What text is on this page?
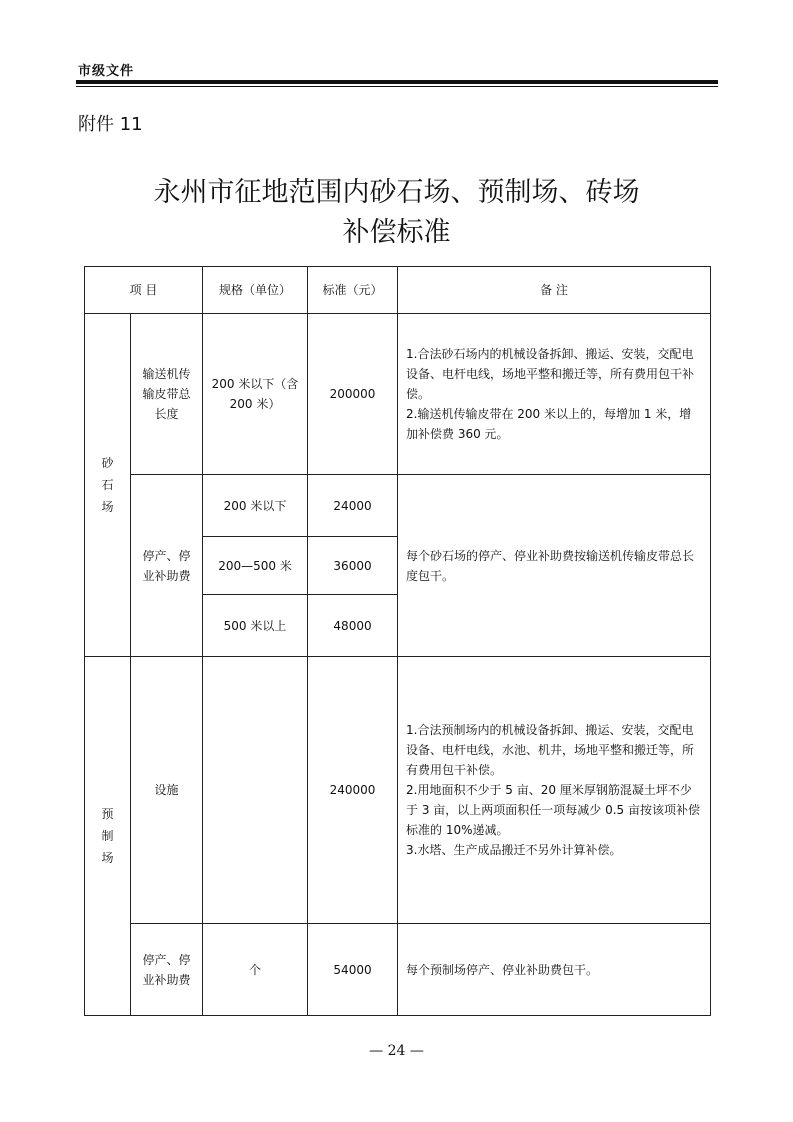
市级文件
附件 11
永州市征地范围内砂石场、预制场、砖场
补偿标准
项 目		规格（单位）	标准（元）	备 注
砂石场	输送机传输皮带总长度	200 米以下（含 200 米）	200000	1.合法砂石场内的机械设备拆卸、搬运、安装，交配电设备、电杆电线，场地平整和搬迁等，所有费用包干补偿。
2.输送机传输皮带在 200 米以上的，每增加 1 米，增加补偿费 360 元。

	停产、停业补助费	200 米以下	24000	每个砂石场的停产、停业补助费按输送机传输皮带总长度包干。
		200—500 米	36000	
		500 米以上	48000	
预制场	设施		240000	1.合法预制场内的机械设备拆卸、搬运、安装，交配电设备、电杆电线，水池、机井，场地平整和搬迁等，所有费用包干补偿。
2.用地面积不少于 5 亩、20 厘米厚钢筋混凝土坪不少于 3 亩，以上两项面积任一项每减少 0.5 亩按该项补偿标准的 10%递减。
3.水塔、生产成品搬迁不另外计算补偿。

	停产、停业补助费	个	54000	每个预制场停产、停业补助费包干。
— 24 —
